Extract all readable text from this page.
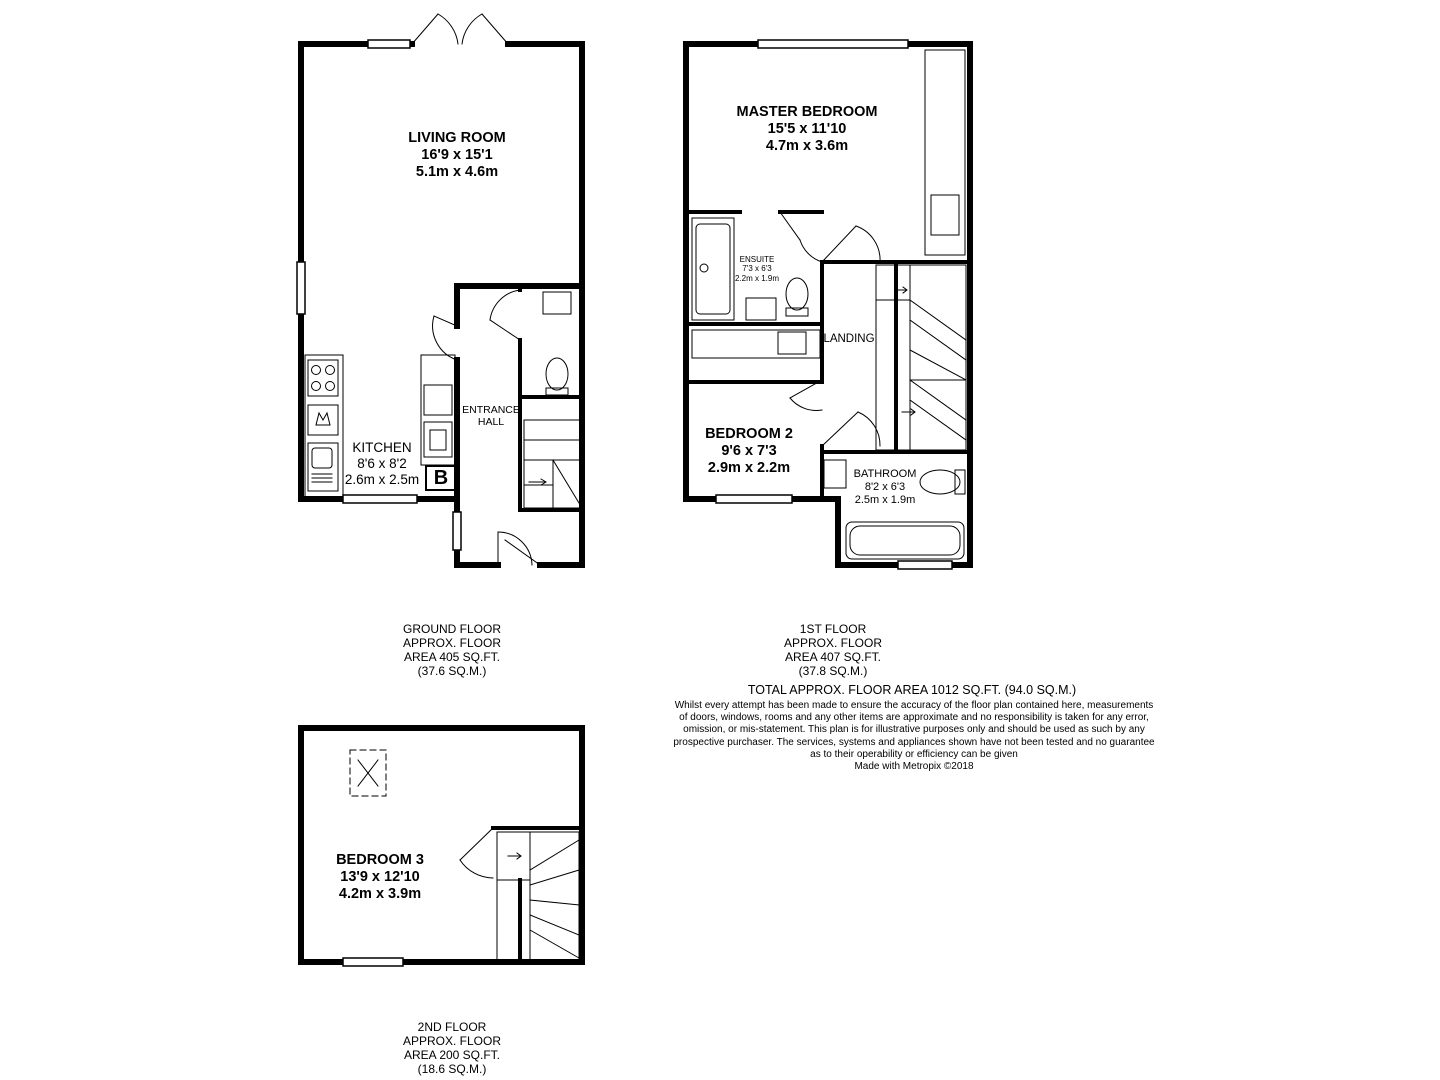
LIVING ROOM
16'9 x 15'1
5.1m x 4.6m
KITCHEN
8'6 x 8'2
2.6m x 2.5m
ENTRANCE
HALL
B
GROUND FLOOR
APPROX. FLOOR
AREA 405 SQ.FT.
(37.6 SQ.M.)
MASTER BEDROOM
15'5 x 11'10
4.7m x 3.6m
ENSUITE
7'3 x 6'3
2.2m x 1.9m
LANDING
BEDROOM 2
9'6 x 7'3
2.9m x 2.2m	BATHROOM
8'2 x 6'3
2.5m x 1.9m
1ST FLOOR
APPROX. FLOOR
AREA 407 SQ.FT.
(37.8 SQ.M.)
TOTAL APPROX. FLOOR AREA 1012 SQ.FT. (94.0 SQ.M.)
Whilst every attempt has been made to ensure the accuracy of the floor plan contained here, measurements
of doors, windows, rooms and any other items are approximate and no responsibility is taken for any error,
omission, or mis-statement. This plan is for illustrative purposes only and should be used as such by any
prospective purchaser. The services, systems and appliances shown have not been tested and no guarantee
as to their operability or efficiency can be given
Made with Metropix ©2018
BEDROOM 3
13'9 x 12'10
4.2m x 3.9m
2ND FLOOR
APPROX. FLOOR
AREA 200 SQ.FT.
(18.6 SQ.M.)
